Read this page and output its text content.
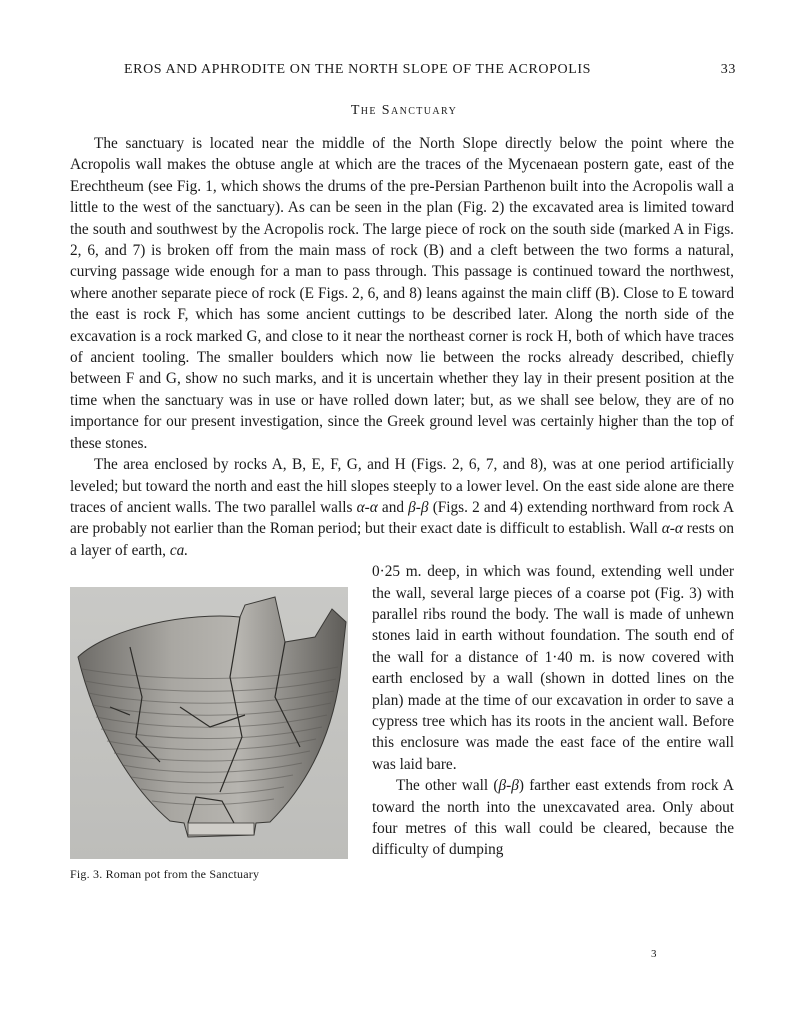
EROS AND APHRODITE ON THE NORTH SLOPE OF THE ACROPOLIS	33
The Sanctuary

The sanctuary is located near the middle of the North Slope directly below the point where the Acropolis wall makes the obtuse angle at which are the traces of the Mycenaean postern gate, east of the Erechtheum (see Fig. 1, which shows the drums of the pre-Persian Parthenon built into the Acropolis wall a little to the west of the sanctuary). As can be seen in the plan (Fig. 2) the excavated area is limited toward the south and southwest by the Acropolis rock. The large piece of rock on the south side (marked A in Figs. 2, 6, and 7) is broken off from the main mass of rock (B) and a cleft between the two forms a natural, curving passage wide enough for a man to pass through. This passage is continued toward the northwest, where another separate piece of rock (E Figs. 2, 6, and 8) leans against the main cliff (B). Close to E toward the east is rock F, which has some ancient cuttings to be described later. Along the north side of the excavation is a rock marked G, and close to it near the northeast corner is rock H, both of which have traces of ancient tooling. The smaller boulders which now lie between the rocks already described, chiefly between F and G, show no such marks, and it is uncertain whether they lay in their present position at the time when the sanctuary was in use or have rolled down later; but, as we shall see below, they are of no importance for our present investigation, since the Greek ground level was certainly higher than the top of these stones.

The area enclosed by rocks A, B, E, F, G, and H (Figs. 2, 6, 7, and 8), was at one period artificially leveled; but toward the north and east the hill slopes steeply to a lower level. On the east side alone are there traces of ancient walls. The two parallel walls α-α and β-β (Figs. 2 and 4) extending northward from rock A are probably not earlier than the Roman period; but their exact date is difficult to establish. Wall α-α rests on a layer of earth, ca.

Fig. 3. Roman pot from the Sanctuary
0·25 m. deep, in which was found, extending well under the wall, several large pieces of a coarse pot (Fig. 3) with parallel ribs round the body. The wall is made of unhewn stones laid in earth without foundation. The south end of the wall for a distance of 1·40 m. is now covered with earth enclosed by a wall (shown in dotted lines on the plan) made at the time of our excavation in order to save a cypress tree which has its roots in the ancient wall. Before this enclosure was made the east face of the entire wall was laid bare.

The other wall (β-β) farther east extends from rock A toward the north into the unexcavated area. Only about four metres of this wall could be cleared, because the difficulty of dumping

3
